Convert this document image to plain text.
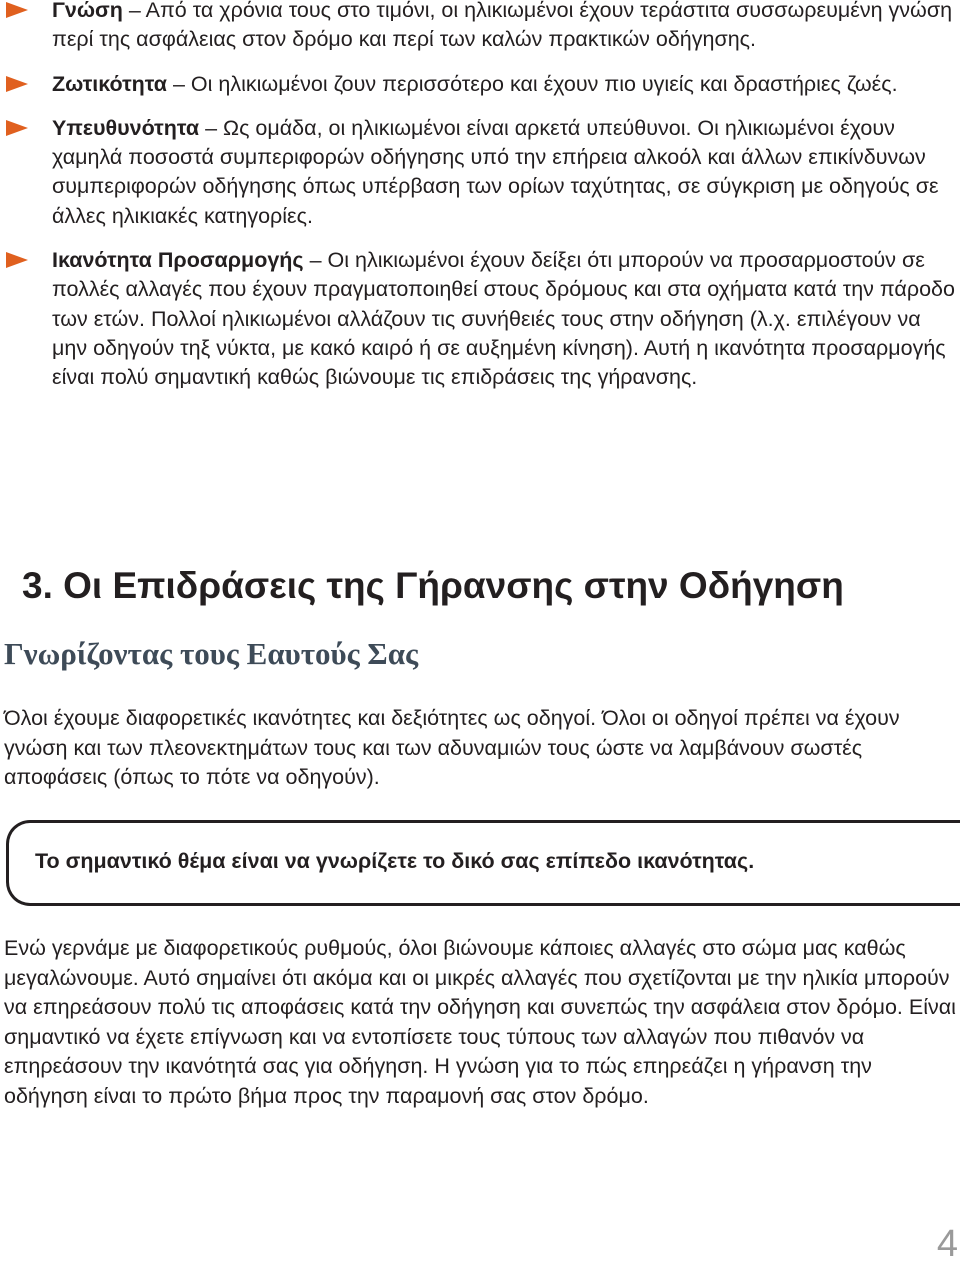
Γνώση – Από τα χρόνια τους στο τιμόνι, οι ηλικιωμένοι έχουν τεράστιτα συσσωρευμένη γνώση περί της ασφάλειας στον δρόμο και περί των καλών πρακτικών οδήγησης.
Ζωτικότητα – Οι ηλικιωμένοι ζουν περισσότερο και έχουν πιο υγιείς και δραστήριες ζωές.
Υπευθυνότητα – Ως ομάδα, οι ηλικιωμένοι είναι αρκετά υπεύθυνοι. Οι ηλικιωμένοι έχουν χαμηλά ποσοστά συμπεριφορών οδήγησης υπό την επήρεια αλκοόλ και άλλων επικίνδυνων συμπεριφορών οδήγησης όπως υπέρβαση των ορίων ταχύτητας, σε σύγκριση με οδηγούς σε άλλες ηλικιακές κατηγορίες.
Ικανότητα Προσαρμογής – Οι ηλικιωμένοι έχουν δείξει ότι μπορούν να προσαρμοστούν σε πολλές αλλαγές που έχουν πραγματοποιηθεί στους δρόμους και στα οχήματα κατά την πάροδο των ετών. Πολλοί ηλικιωμένοι αλλάζουν τις συνήθειές τους στην οδήγηση (λ.χ. επιλέγουν να μην οδηγούν τηξ νύκτα, με κακό καιρό ή σε αυξημένη κίνηση). Αυτή η ικανότητα προσαρμογής είναι πολύ σημαντική καθώς βιώνουμε τις επιδράσεις της γήρανσης.
3. Οι Επιδράσεις της Γήρανσης στην Οδήγηση
Γνωρίζοντας τους Εαυτούς Σας

Όλοι έχουμε διαφορετικές ικανότητες και δεξιότητες ως οδηγοί. Όλοι οι οδηγοί πρέπει να έχουν γνώση και των πλεονεκτημάτων τους και των αδυναμιών τους ώστε να λαμβάνουν σωστές αποφάσεις (όπως το πότε να οδηγούν).

Το σημαντικό θέμα είναι να γνωρίζετε το δικό σας επίπεδο ικανότητας.

Ενώ γερνάμε με διαφορετικούς ρυθμούς, όλοι βιώνουμε κάποιες αλλαγές στο σώμα μας καθώς μεγαλώνουμε. Αυτό σημαίνει ότι ακόμα και οι μικρές αλλαγές που σχετίζονται με την ηλικία μπορούν να επηρεάσουν πολύ τις αποφάσεις κατά την οδήγηση και συνεπώς την ασφάλεια στον δρόμο. Είναι σημαντικό να έχετε επίγνωση και να εντοπίσετε τους τύπους των αλλαγών που πιθανόν να επηρεάσουν την ικανότητά σας για οδήγηση. Η γνώση για το πώς επηρεάζει η γήρανση την οδήγηση είναι το πρώτο βήμα προς την παραμονή σας στον δρόμο.

4
